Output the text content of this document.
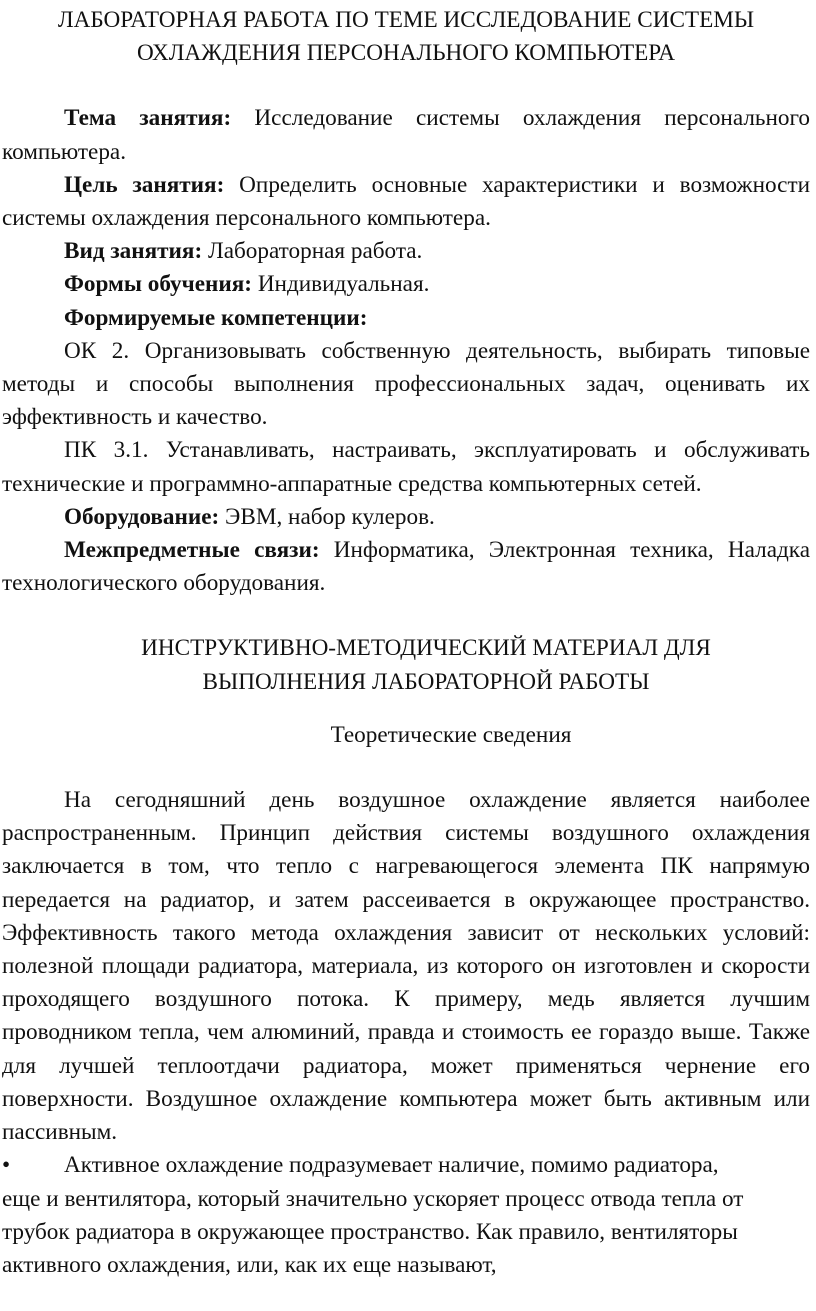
ЛАБОРАТОРНАЯ РАБОТА ПО ТЕМЕ ИССЛЕДОВАНИЕ СИСТЕМЫ
ОХЛАЖДЕНИЯ ПЕРСОНАЛЬНОГО КОМПЬЮТЕРА

Тема занятия: Исследование системы охлаждения персонального компьютера.

Цель занятия: Определить основные характеристики и возможности системы охлаждения персонального компьютера.

Вид занятия: Лабораторная работа.

Формы обучения: Индивидуальная.

Формируемые компетенции:

ОК 2. Организовывать собственную деятельность, выбирать типовые методы и способы выполнения профессиональных задач, оценивать их эффективность и качество.

ПК 3.1. Устанавливать, настраивать, эксплуатировать и обслуживать технические и программно-аппаратные средства компьютерных сетей.

Оборудование: ЭВМ, набор кулеров.

Межпредметные связи: Информатика, Электронная техника, Наладка технологического оборудования.

ИНСТРУКТИВНО-МЕТОДИЧЕСКИЙ МАТЕРИАЛ ДЛЯ

ВЫПОЛНЕНИЯ ЛАБОРАТОРНОЙ РАБОТЫ

Теоретические сведения

На сегодняшний день воздушное охлаждение является наиболее распространенным. Принцип действия системы воздушного охлаждения заключается в том, что тепло с нагревающегося элемента ПК напрямую передается на радиатор, и затем рассеивается в окружающее пространство. Эффективность такого метода охлаждения зависит от нескольких условий: полезной площади радиатора, материала, из которого он изготовлен и скорости проходящего воздушного потока. К примеру, медь является лучшим проводником тепла, чем алюминий, правда и стоимость ее гораздо выше. Также для лучшей теплоотдачи радиатора, может применяться чернение его поверхности. Воздушное охлаждение компьютера может быть активным или пассивным.

•	Активное охлаждение подразумевает наличие, помимо радиатора,

еще и вентилятора, который значительно ускоряет процесс отвода тепла от трубок радиатора в окружающее пространство. Как правило, вентиляторы активного охлаждения, или, как их еще называют,
